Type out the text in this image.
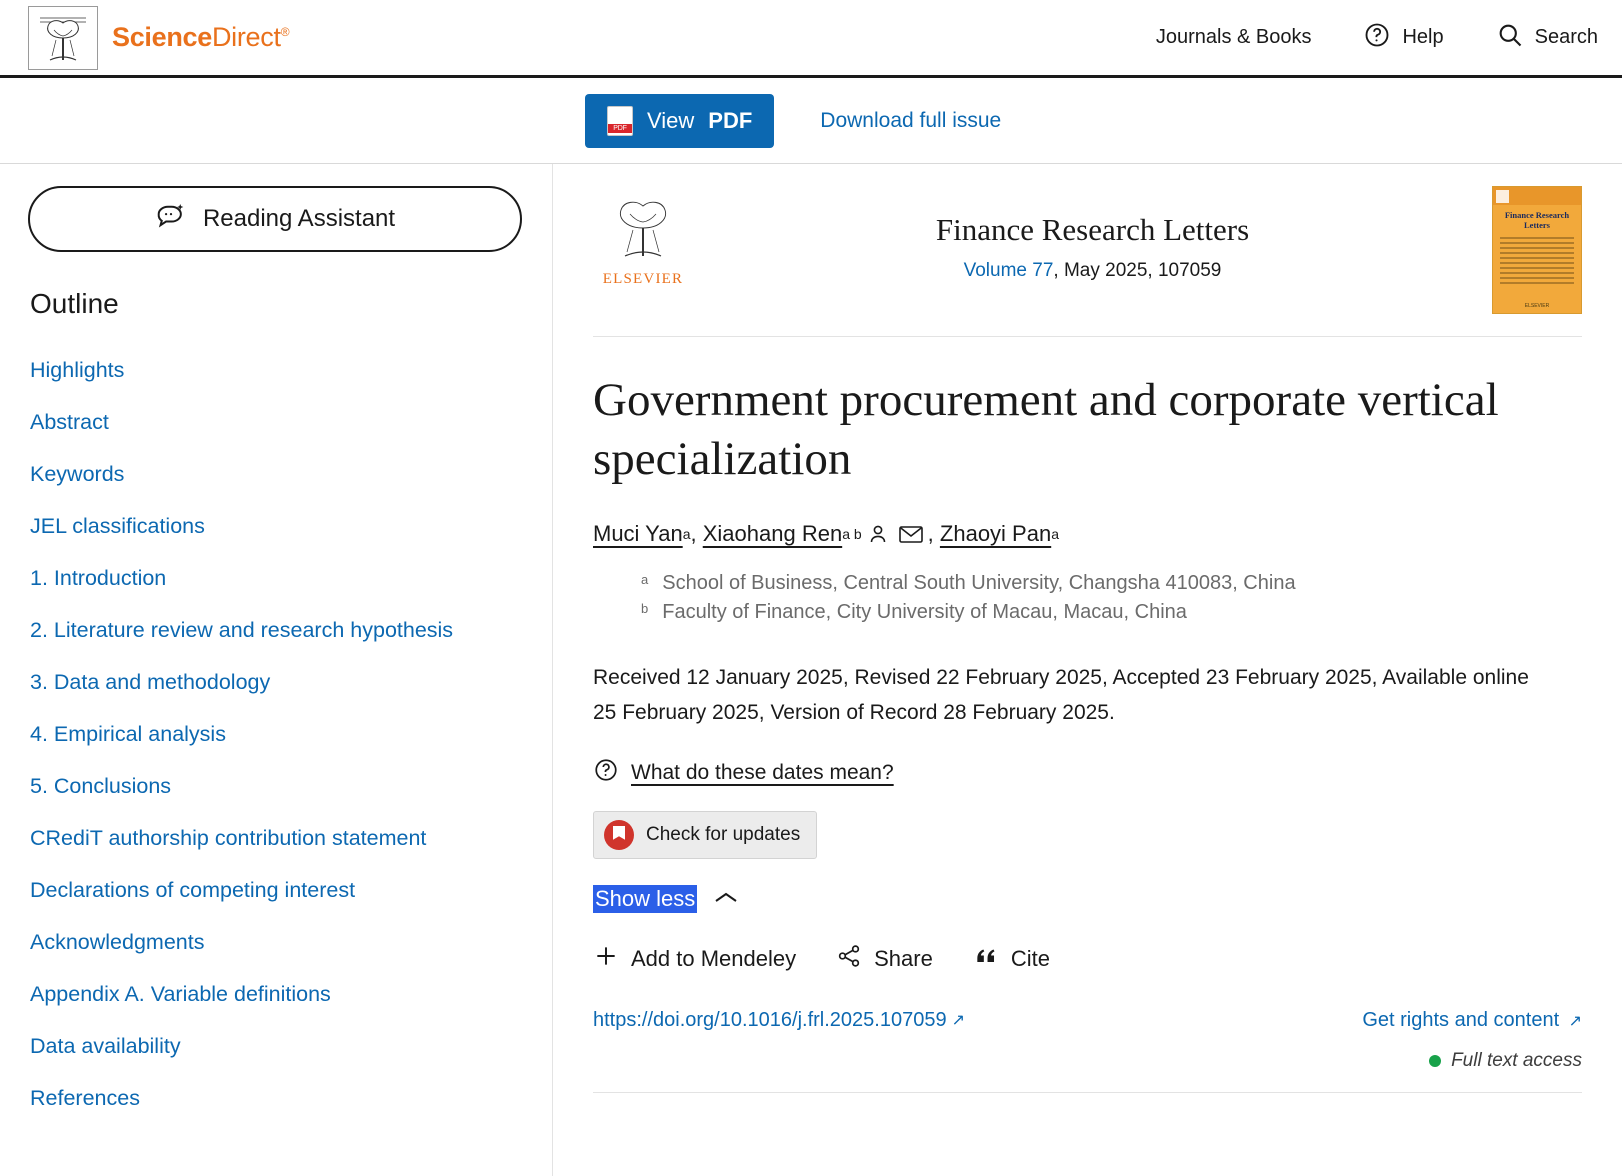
ScienceDirect®	Journals & Books	Help	Search
PDF
View PDF	Download full issue
Reading Assistant
Outline
Highlights
Abstract
Keywords
JEL classifications
1. Introduction
2. Literature review and research hypothesis
3. Data and methodology
4. Empirical analysis
5. Conclusions
CRediT authorship contribution statement
Declarations of competing interest
Acknowledgments
Appendix A. Variable definitions
Data availability
References
ELSEVIER
Finance Research Letters
Volume 77, May 2025, 107059
Finance Research Letters
ELSEVIER
Government procurement and corporate vertical specialization
Muci Yan a ,
Xiaohang Ren a b	,
Zhaoyi Pan a
a School of Business, Central South University, Changsha 410083, China
b Faculty of Finance, City University of Macau, Macau, China
Received 12 January 2025, Revised 22 February 2025, Accepted 23 February 2025, Available online 25 February 2025, Version of Record 28 February 2025.
What do these dates mean?
Check for updates
Show less
Add to Mendeley	Share	Cite
https://doi.org/10.1016/j.frl.2025.107059 ↗	Get rights and content ↗
Full text access
